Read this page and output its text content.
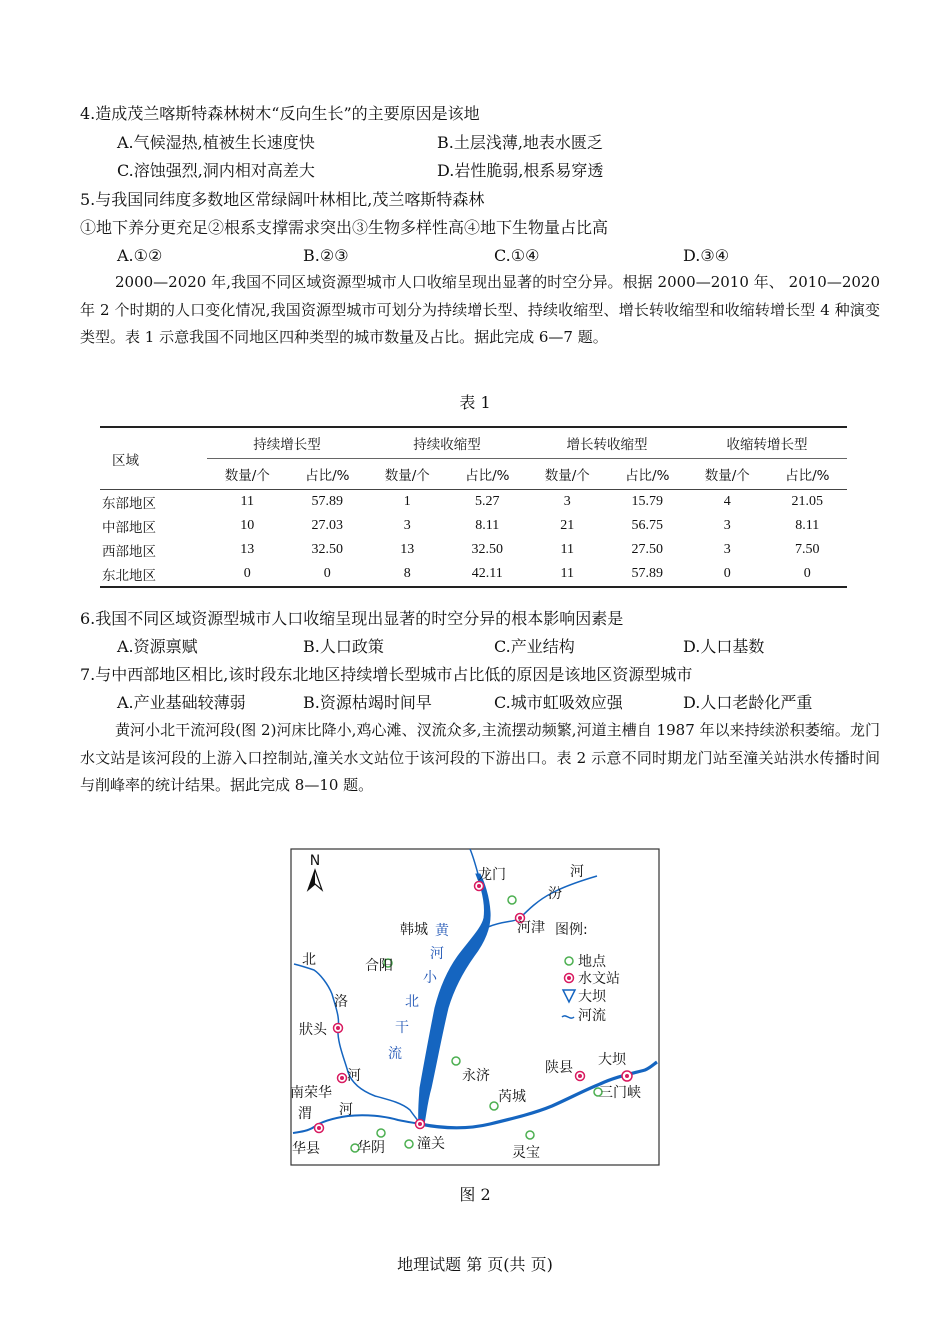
4.造成茂兰喀斯特森林树木“反向生长”的主要原因是该地
A.气候湿热,植被生长速度快	B.土层浅薄,地表水匮乏
C.溶蚀强烈,洞内相对高差大	D.岩性脆弱,根系易穿透
5.与我国同纬度多数地区常绿阔叶林相比,茂兰喀斯特森林
①地下养分更充足②根系支撑需求突出③生物多样性高④地下生物量占比高
A.①②	B.②③	C.①④	D.③④
2000—2020 年,我国不同区域资源型城市人口收缩呈现出显著的时空分异。根据 2000—2010 年、 2010—2020 年 2 个时期的人口变化情况,我国资源型城市可划分为持续增长型、持续收缩型、增长转收缩型和收缩转增长型 4 种演变类型。表 1 示意我国不同地区四种类型的城市数量及占比。据此完成 6—7 题。
表 1
区域	持续增长型		持续收缩型		增长转收缩型		收缩转增长型	
	数量/个	占比/%	数量/个	占比/%	数量/个	占比/%	数量/个	占比/%
东部地区	11	57.89	1	5.27	3	15.79	4	21.05
中部地区	10	27.03	3	8.11	21	56.75	3	8.11
西部地区	13	32.50	13	32.50	11	27.50	3	7.50
东北地区	0	0	8	42.11	11	57.89	0	0
6.我国不同区域资源型城市人口收缩呈现出显著的时空分异的根本影响因素是
A.资源禀赋	B.人口政策	C.产业结构	D.人口基数
7.与中西部地区相比,该时段东北地区持续增长型城市占比低的原因是该地区资源型城市
A.产业基础较薄弱	B.资源枯竭时间早	C.城市虹吸效应强	D.人口老龄化严重
黄河小北干流河段(图 2)河床比降小,鸡心滩、汊流众多,主流摆动频繁,河道主槽自 1987 年以来持续淤积萎缩。龙门水文站是该河段的上游入口控制站,潼关水文站位于该河段的下游出口。表 2 示意不同时期龙门站至潼关站洪水传播时间与削峰率的统计结果。据此完成 8—10 题。
N
龙门	河
汾
河津
韩城
合阳
北
洛
狀头
河
南荣华
河
渭
华县	华阴 潼关
永济
芮城
灵宝
陕县 大坝
三门峡
图例:
地点
水文站
大坝
河流
黄
河
小
北
干
流
图 2
地理试题 第 页(共 页)
